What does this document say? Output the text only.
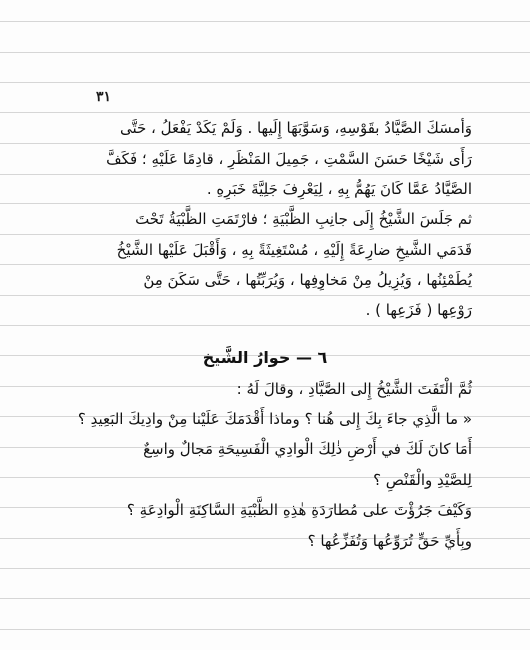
٣١
وَأمسَكَ الصَّيَّادُ بقَوْسِهِ، وَسَوَّبَهَا إِلَيها . وَلَمْ يَكَدْ يَفْعَلُ ، حَتَّى
رَأَى شَيْخًا حَسَنَ السَّمْتِ ، جَمِيلَ المَنْظَرِ ، قادِمًا عَلَيْهِ ؛ فَكَفَّ
الصَّيَّادُ عَمَّا كَانَ يَهُمُّ بِهِ ، لِيَعْرِفَ جَلِيَّةَ خَبَرِهِ .
ثم جَلَسَ الشَّيْخُ إِلَى جانِبِ الظَّبْيَةِ ؛ فارْتَمَتِ الظَّبْيَةُ تَحْتَ
قَدَمَي الشَّيخِ ضارِعَةً إِلَيْهِ ، مُسْتَغِيثَةً بِهِ ، وَأَقْبَلَ عَلَيْها الشَّيْخُ
يُطَمْئِنُها ، وَيُزِيلُ مِنْ مَخاوِفِها ، وَيُرَبِّتُها ، حَتَّى سَكَنَ مِنْ
رَوْعِها ( فَزَعِها ) .
٦ — حوارُ الشَّيخ
ثُمَّ الْتَفَتَ الشَّيْخُ إِلى الصَّيَّادِ ، وقالَ لَهُ :
« ما الَّذِي جاءَ بِكَ إِلى هُنا ؟ وماذا أَقْدَمَكَ عَلَيْنا مِنْ وادِيكَ البَعِيدِ ؟
أَمَا كانَ لَكَ في أَرْضِ ذٰلِكَ الْوادِي الْفَسِيحَةِ مَجالٌ واسِعٌ
لِلصَّيْدِ والْقَنْصِ ؟
وَكَيْفَ جَرُؤْتَ على مُطارَدَةِ هٰذِهِ الظَّبْيَةِ السَّاكِنَةِ الْوادِعَةِ ؟
وبِأَيِّ حَقٍّ تُرَوِّعُها وَتُفَزِّعُها ؟
